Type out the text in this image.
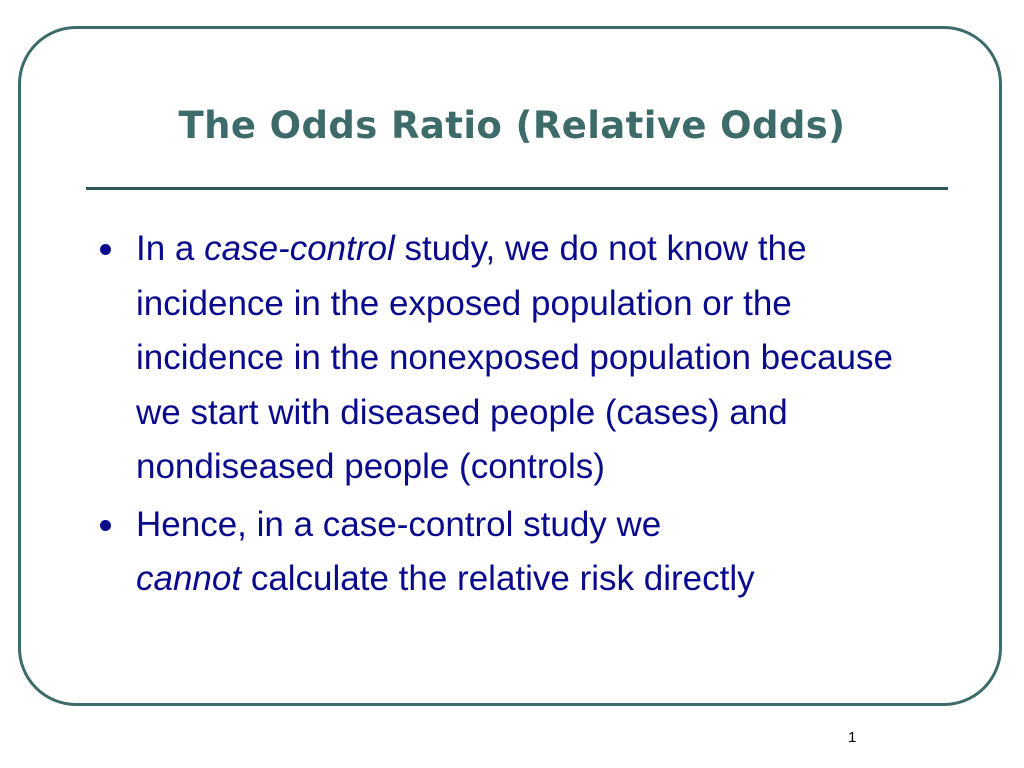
The Odds Ratio (Relative Odds)
In a case-control study, we do not know the incidence in the exposed population or the incidence in the nonexposed population because we start with diseased people (cases) and nondiseased people (controls)
Hence, in a case-control study we
cannot calculate the relative risk directly
1
